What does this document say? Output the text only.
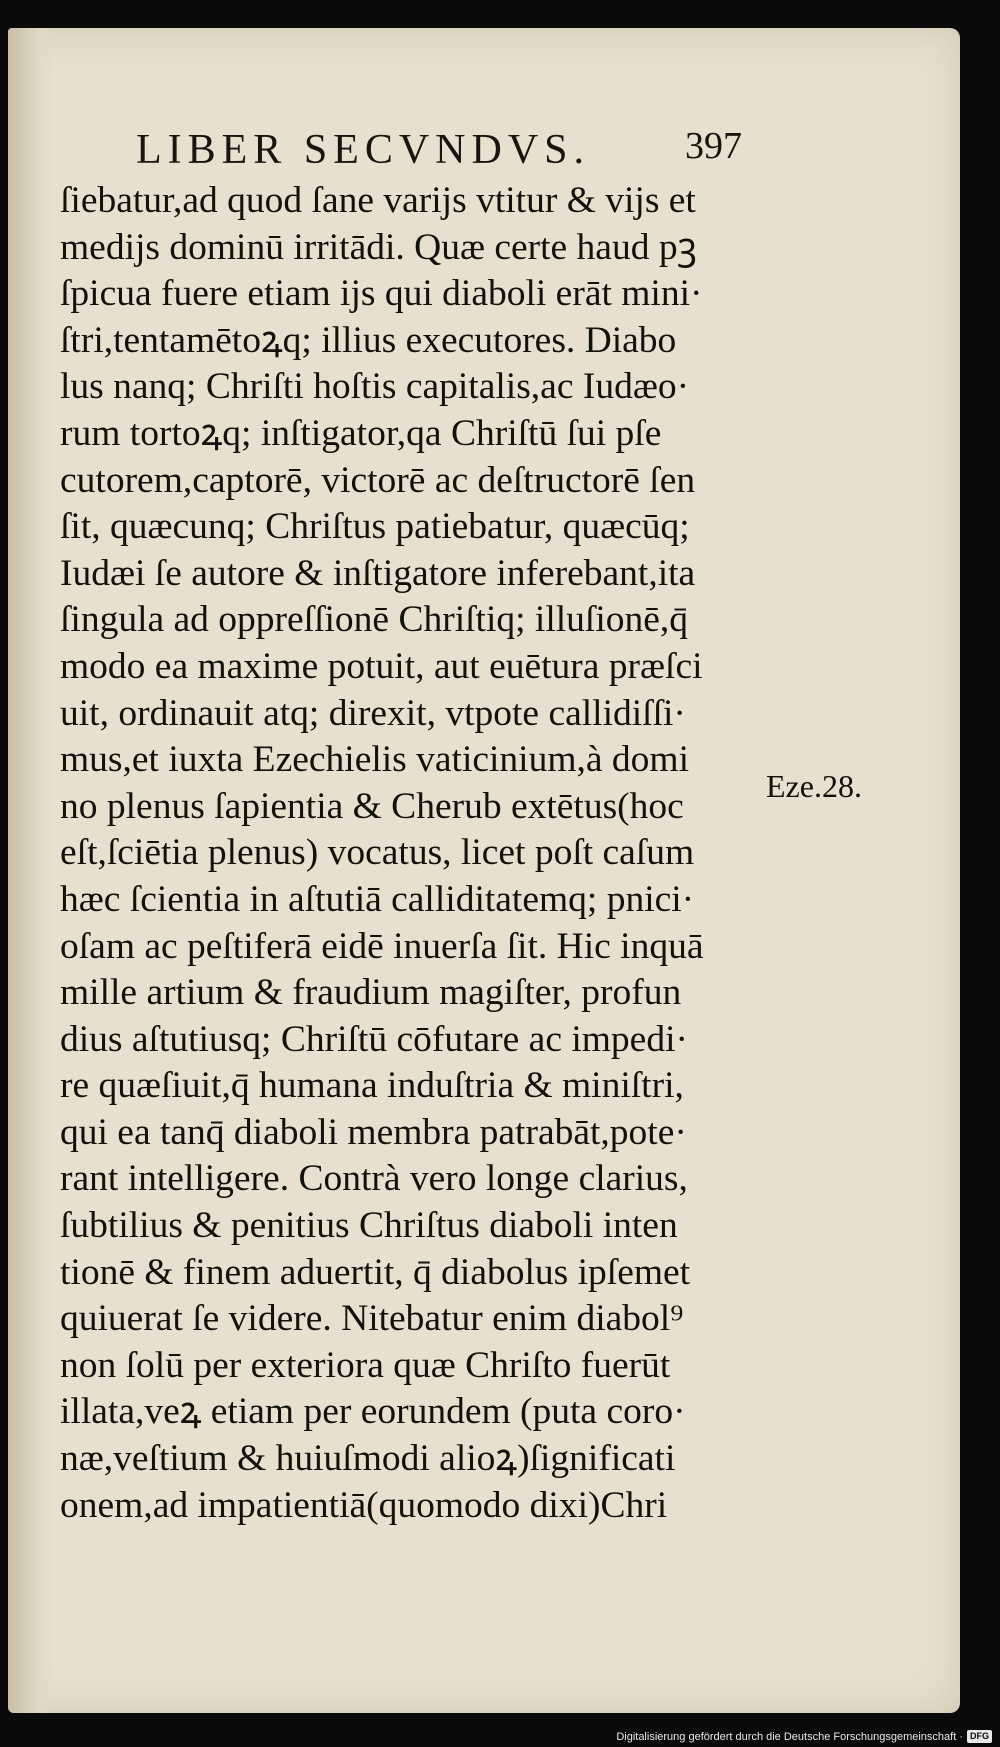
LIBER SECVNDVS. 397
ſiebatur,ad quod ſane varijs vtitur & vijs et
medijs dominū irritādi. Quæ certe haud pꝫ
ſpicua fuere etiam ijs qui diaboli erāt mini·
ſtri,tentamētoꝝq; illius executores. Diabo
lus nanq; Chriſti hoſtis capitalis,ac Iudæo·
rum tortoꝝq; inſtigator,qa Chriſtū ſui pſe
cutorem,captorē, victorē ac deſtructorē ſen
ſit, quæcunq; Chriſtus patiebatur, quæcūq;
Iudæi ſe autore & inſtigatore inferebant,ita
ſingula ad oppreſſionē Chriſtiq; illuſionē,q̄
modo ea maxime potuit, aut euētura præſci
uit, ordinauit atq; direxit, vtpote callidiſſi·
mus,et iuxta Ezechielis vaticinium,à domi
no plenus ſapientia & Cherub extētus(hoc
eſt,ſciētia plenus) vocatus, licet poſt caſum
hæc ſcientia in aſtutiā calliditatemq; pnici·
oſam ac peſtiferā eidē inuerſa ſit. Hic inquā
mille artium & fraudium magiſter, profun
dius aſtutiusq; Chriſtū cōfutare ac impedi·
re quæſiuit,q̄ humana induſtria & miniſtri,
qui ea tanq̄ diaboli membra patrabāt,pote·
rant intelligere. Contrà vero longe clarius,
ſubtilius & penitius Chriſtus diaboli inten
tionē & finem aduertit, q̄ diabolus ipſemet
quiuerat ſe videre. Nitebatur enim diabol⁹
non ſolū per exteriora quæ Chriſto fuerūt
illata,veꝝ etiam per eorundem (puta coro·
næ,veſtium & huiuſmodi alioꝝ)ſignificati
onem,ad impatientiā(quomodo dixi)Chri
Eze.28.
Digitalisierung gefördert durch die Deutsche Forschungsgemeinschaft · DFG
